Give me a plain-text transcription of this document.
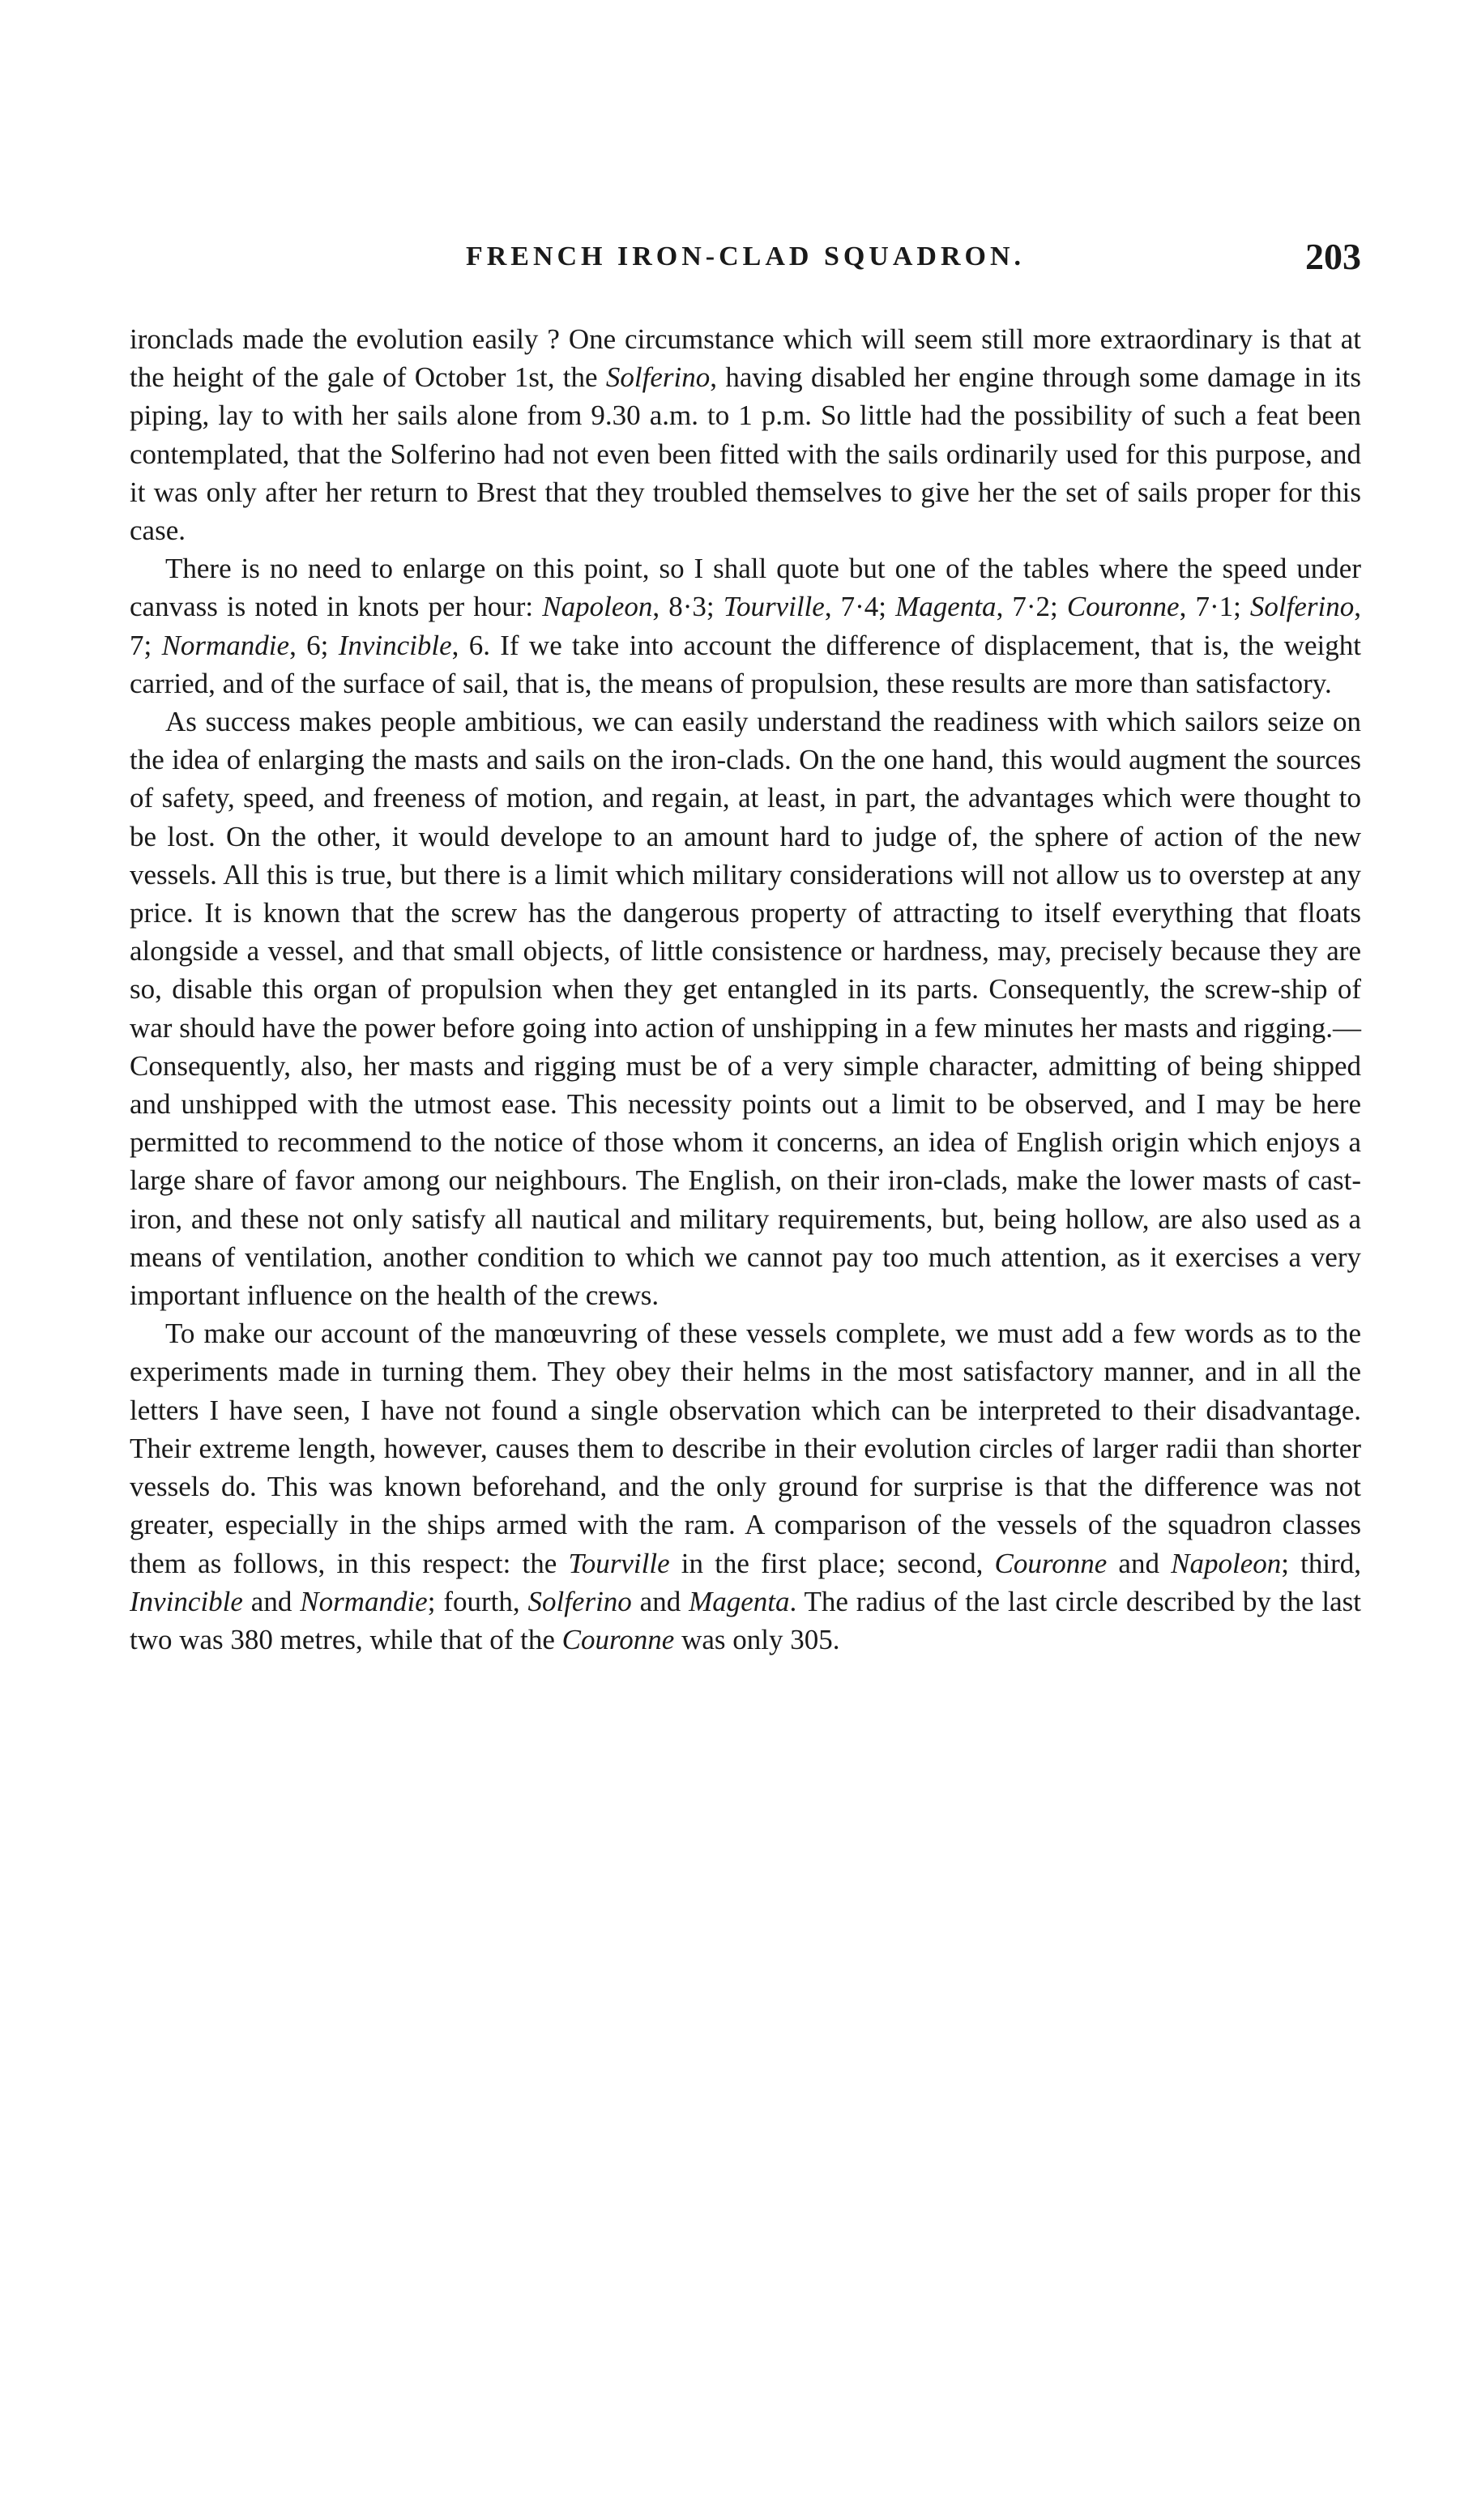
FRENCH IRON-CLAD SQUADRON.	203

ironclads made the evolution easily ? One circumstance which will seem still more extraordinary is that at the height of the gale of October 1st, the Solferino, having disabled her engine through some damage in its piping, lay to with her sails alone from 9.30 a.m. to 1 p.m. So little had the possibility of such a feat been contemplated, that the Solferino had not even been fitted with the sails ordinarily used for this purpose, and it was only after her return to Brest that they troubled themselves to give her the set of sails proper for this case.

There is no need to enlarge on this point, so I shall quote but one of the tables where the speed under canvass is noted in knots per hour: Napoleon, 8·3; Tourville, 7·4; Magenta, 7·2; Couronne, 7·1; Solferino, 7; Normandie, 6; Invincible, 6. If we take into account the difference of displacement, that is, the weight carried, and of the surface of sail, that is, the means of propulsion, these results are more than satisfactory.

As success makes people ambitious, we can easily understand the readiness with which sailors seize on the idea of enlarging the masts and sails on the iron-clads. On the one hand, this would augment the sources of safety, speed, and freeness of motion, and regain, at least, in part, the advantages which were thought to be lost. On the other, it would develope to an amount hard to judge of, the sphere of action of the new vessels. All this is true, but there is a limit which military considerations will not allow us to overstep at any price. It is known that the screw has the dangerous property of attracting to itself everything that floats alongside a vessel, and that small objects, of little consistence or hardness, may, precisely because they are so, disable this organ of propulsion when they get entangled in its parts. Consequently, the screw-ship of war should have the power before going into action of unshipping in a few minutes her masts and rigging.— Consequently, also, her masts and rigging must be of a very simple character, admitting of being shipped and unshipped with the utmost ease. This necessity points out a limit to be observed, and I may be here permitted to recommend to the notice of those whom it concerns, an idea of English origin which enjoys a large share of favor among our neighbours. The English, on their iron-clads, make the lower masts of cast-iron, and these not only satisfy all nautical and military requirements, but, being hollow, are also used as a means of ventilation, another condition to which we cannot pay too much attention, as it exercises a very important influence on the health of the crews.

To make our account of the manœuvring of these vessels complete, we must add a few words as to the experiments made in turning them. They obey their helms in the most satisfactory manner, and in all the letters I have seen, I have not found a single observation which can be interpreted to their disadvantage. Their extreme length, however, causes them to describe in their evolution circles of larger radii than shorter vessels do. This was known beforehand, and the only ground for surprise is that the difference was not greater, especially in the ships armed with the ram. A comparison of the vessels of the squadron classes them as follows, in this respect: the Tourville in the first place; second, Couronne and Napoleon; third, Invincible and Normandie; fourth, Solferino and Magenta. The radius of the last circle described by the last two was 380 metres, while that of the Couronne was only 305.
